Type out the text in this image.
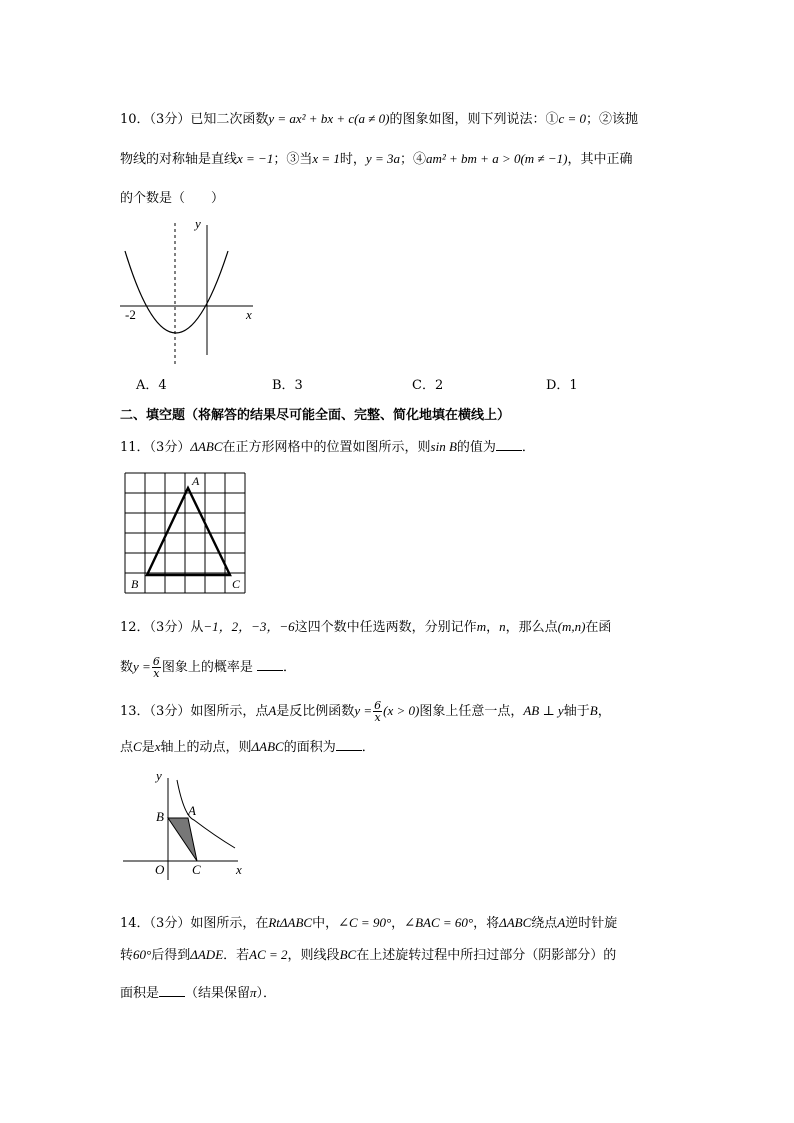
10．（3分）已知二次函数y = ax² + bx + c(a ≠ 0)的图象如图，则下列说法：①c = 0；②该抛
物线的对称轴是直线x = −1；③当x = 1时，y = 3a；④am² + bm + a > 0(m ≠ −1)，其中正确
的个数是（　　）
y
x
-2
A．4	B．3	C．2	D．1
二、填空题（将解答的结果尽可能全面、完整、简化地填在横线上）
11．（3分）ΔABC在正方形网格中的位置如图所示，则sin B的值为 ．
A
B	C
12．（3分）从−1，2，−3，−6这四个数中任选两数，分别记作m，n，那么点(m,n)在函
数$y = \frac{6}{x}$ 图象上的概率是 ．
13．（3分）如图所示，点A是反比例函数$y = \frac{6}{x} (x > 0)$图象上任意一点，AB ⊥ y轴于B，
点C是x轴上的动点，则ΔABC的面积为 ．
y
x
O
A
B
C
14．（3分）如图所示，在RtΔABC中，∠C = 90°，∠BAC = 60°，将ΔABC绕点A逆时针旋
转60°后得到ΔADE．若AC = 2，则线段BC在上述旋转过程中所扫过部分（阴影部分）的
面积是 （结果保留π）．
